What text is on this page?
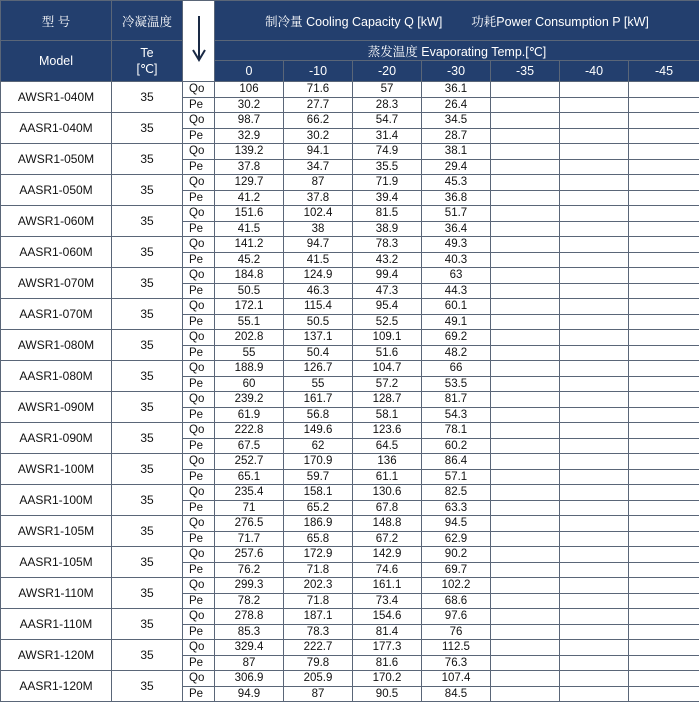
型 号	冷凝温度		制冷量 Cooling Capacity Q [kW] 功耗Power Consumption P [kW]						
Model	Te
[℃]		蒸发温度 Evaporating Temp.[℃]						
			0	-10	-20	-30	-35	-40	-45
AWSR1-040M	35	Qo	106	71.6	57	36.1			
		Pe	30.2	27.7	28.3	26.4			
AASR1-040M	35	Qo	98.7	66.2	54.7	34.5			
		Pe	32.9	30.2	31.4	28.7			
AWSR1-050M	35	Qo	139.2	94.1	74.9	38.1			
		Pe	37.8	34.7	35.5	29.4			
AASR1-050M	35	Qo	129.7	87	71.9	45.3			
		Pe	41.2	37.8	39.4	36.8			
AWSR1-060M	35	Qo	151.6	102.4	81.5	51.7			
		Pe	41.5	38	38.9	36.4			
AASR1-060M	35	Qo	141.2	94.7	78.3	49.3			
		Pe	45.2	41.5	43.2	40.3			
AWSR1-070M	35	Qo	184.8	124.9	99.4	63			
		Pe	50.5	46.3	47.3	44.3			
AASR1-070M	35	Qo	172.1	115.4	95.4	60.1			
		Pe	55.1	50.5	52.5	49.1			
AWSR1-080M	35	Qo	202.8	137.1	109.1	69.2			
		Pe	55	50.4	51.6	48.2			
AASR1-080M	35	Qo	188.9	126.7	104.7	66			
		Pe	60	55	57.2	53.5			
AWSR1-090M	35	Qo	239.2	161.7	128.7	81.7			
		Pe	61.9	56.8	58.1	54.3			
AASR1-090M	35	Qo	222.8	149.6	123.6	78.1			
		Pe	67.5	62	64.5	60.2			
AWSR1-100M	35	Qo	252.7	170.9	136	86.4			
		Pe	65.1	59.7	61.1	57.1			
AASR1-100M	35	Qo	235.4	158.1	130.6	82.5			
		Pe	71	65.2	67.8	63.3			
AWSR1-105M	35	Qo	276.5	186.9	148.8	94.5			
		Pe	71.7	65.8	67.2	62.9			
AASR1-105M	35	Qo	257.6	172.9	142.9	90.2			
		Pe	76.2	71.8	74.6	69.7			
AWSR1-110M	35	Qo	299.3	202.3	161.1	102.2			
		Pe	78.2	71.8	73.4	68.6			
AASR1-110M	35	Qo	278.8	187.1	154.6	97.6			
		Pe	85.3	78.3	81.4	76			
AWSR1-120M	35	Qo	329.4	222.7	177.3	112.5			
		Pe	87	79.8	81.6	76.3			
AASR1-120M	35	Qo	306.9	205.9	170.2	107.4			
		Pe	94.9	87	90.5	84.5			
